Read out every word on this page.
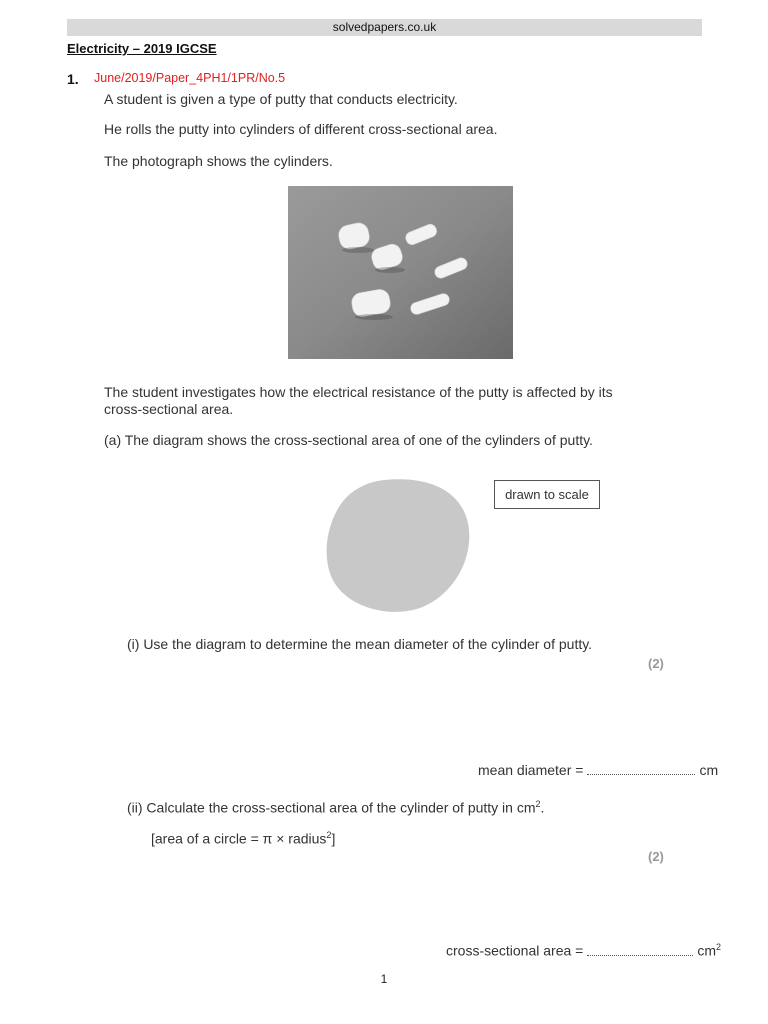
solvedpapers.co.uk
Electricity – 2019 IGCSE
1. June/2019/Paper_4PH1/1PR/No.5
A student is given a type of putty that conducts electricity.
He rolls the putty into cylinders of different cross-sectional area.
The photograph shows the cylinders.
The student investigates how the electrical resistance of the putty is affected by its
cross-sectional area.
(a) The diagram shows the cross-sectional area of one of the cylinders of putty.
drawn to scale
(i) Use the diagram to determine the mean diameter of the cylinder of putty.
(2)
mean diameter =	cm
(ii) Calculate the cross-sectional area of the cylinder of putty in $cm^2$.
[area of a circle = π × radius$^2$]
(2)
cross-sectional area =	$cm^2$
1
